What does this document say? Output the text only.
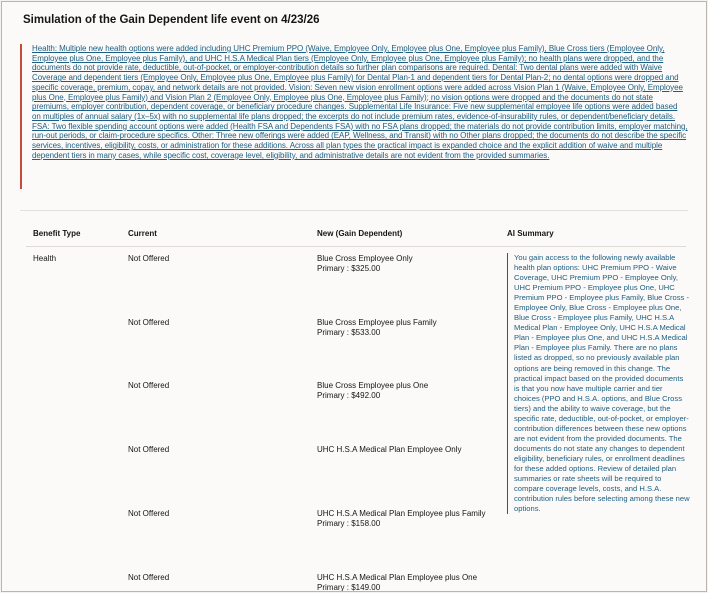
Simulation of the Gain Dependent life event on 4/23/26
Health: Multiple new health options were added including UHC Premium PPO (Waive, Employee Only, Employee plus One, Employee plus Family), Blue Cross tiers (Employee Only, Employee plus One, Employee plus Family), and UHC H.S.A Medical Plan tiers (Employee Only, Employee plus One, Employee plus Family); no health plans were dropped, and the documents do not provide rate, deductible, out-of-pocket, or employer-contribution details so further plan comparisons are required. Dental: Two dental plans were added with Waive Coverage and dependent tiers (Employee Only, Employee plus One, Employee plus Family) for Dental Plan-1 and dependent tiers for Dental Plan-2; no dental options were dropped and specific coverage, premium, copay, and network details are not provided. Vision: Seven new vision enrollment options were added across Vision Plan 1 (Waive, Employee Only, Employee plus One, Employee plus Family) and Vision Plan 2 (Employee Only, Employee plus One, Employee plus Family); no vision options were dropped and the documents do not state premiums, employer contribution, dependent coverage, or beneficiary procedure changes. Supplemental Life Insurance: Five new supplemental employee life options were added based on multiples of annual salary (1x–5x) with no supplemental life plans dropped; the excerpts do not include premium rates, evidence-of-insurability rules, or dependent/beneficiary details. FSA: Two flexible spending account options were added (Health FSA and Dependents FSA) with no FSA plans dropped; the materials do not provide contribution limits, employer matching, run-out periods, or claim-procedure specifics. Other: Three new offerings were added (EAP, Wellness, and Transit) with no Other plans dropped; the documents do not describe the specific services, incentives, eligibility, costs, or administration for these additions. Across all plan types the practical impact is expanded choice and the explicit addition of waive and multiple dependent tiers in many cases, while specific cost, coverage level, eligibility, and administrative details are not evident from the provided summaries.
Benefit Type	Current	New (Gain Dependent)	AI Summary
Health	Not Offered	Blue Cross Employee Only
Primary : $325.00
Not Offered	Blue Cross Employee plus Family
Primary : $533.00
Not Offered	Blue Cross Employee plus One
Primary : $492.00
Not Offered	UHC H.S.A Medical Plan Employee Only
Not Offered	UHC H.S.A Medical Plan Employee plus Family
Primary : $158.00
Not Offered	UHC H.S.A Medical Plan Employee plus One
Primary : $149.00
You gain access to the following newly available health plan options: UHC Premium PPO - Waive Coverage, UHC Premium PPO - Employee Only, UHC Premium PPO - Employee plus One, UHC Premium PPO - Employee plus Family, Blue Cross - Employee Only, Blue Cross - Employee plus One, Blue Cross - Employee plus Family, UHC H.S.A Medical Plan - Employee Only, UHC H.S.A Medical Plan - Employee plus One, and UHC H.S.A Medical Plan - Employee plus Family. There are no plans listed as dropped, so no previously available plan options are being removed in this change. The practical impact based on the provided documents is that you now have multiple carrier and tier choices (PPO and H.S.A. options, and Blue Cross tiers) and the ability to waive coverage, but the specific rate, deductible, out-of-pocket, or employer-contribution differences between these new options are not evident from the provided documents. The documents do not state any changes to dependent eligibility, beneficiary rules, or enrollment deadlines for these added options. Review of detailed plan summaries or rate sheets will be required to compare coverage levels, costs, and H.S.A. contribution rules before selecting among these new options.
